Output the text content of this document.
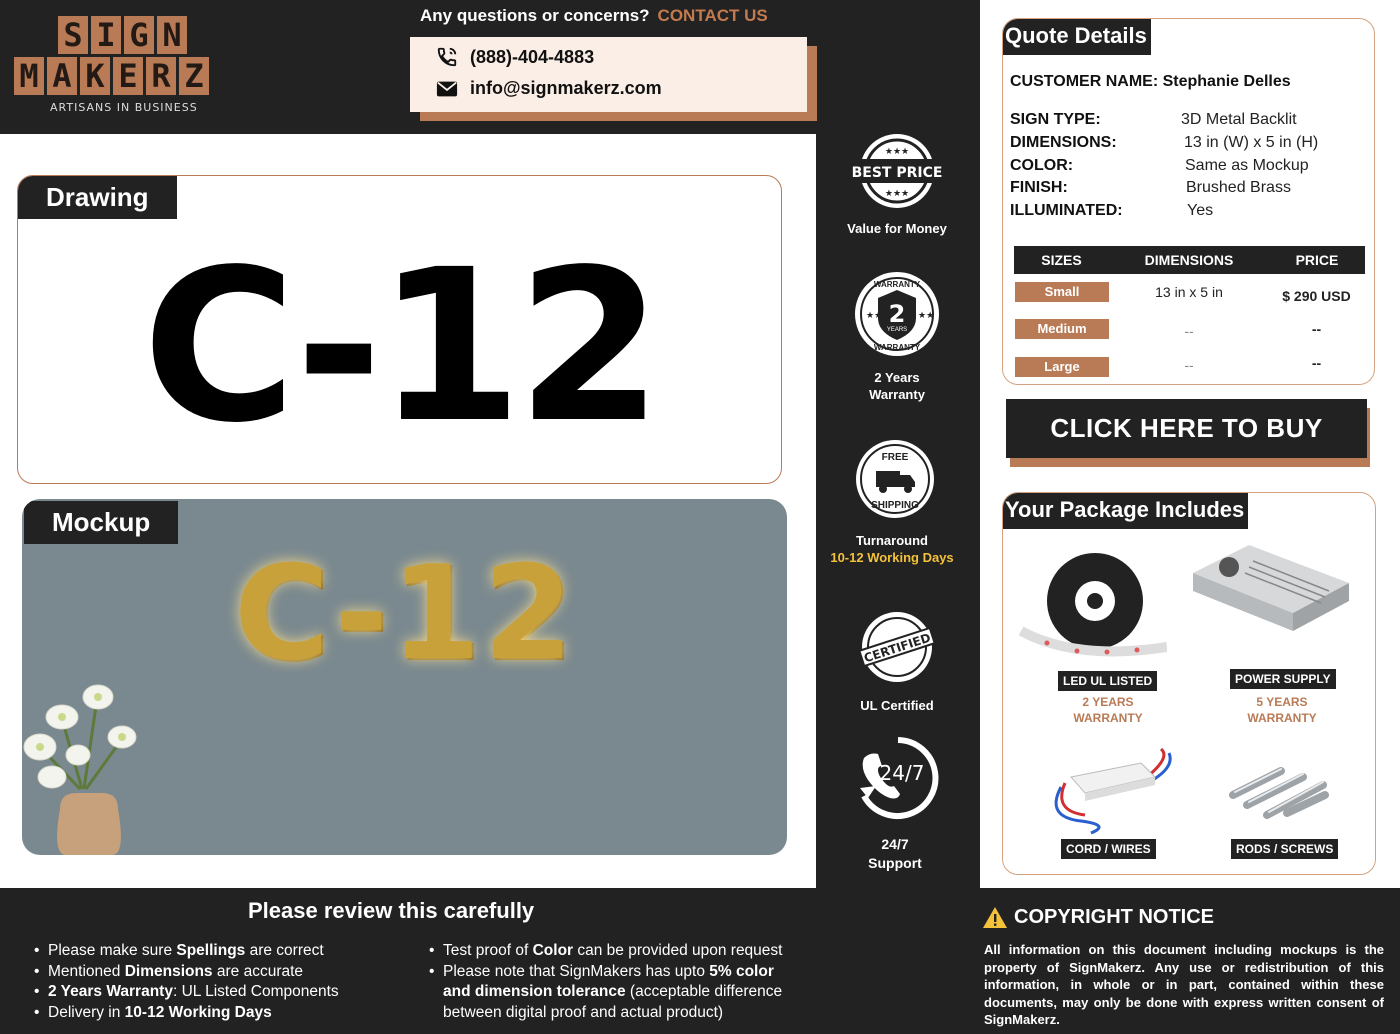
S I G N
M A K E R Z
ARTISANS IN BUSINESS
Any questions or concerns? CONTACT US
(888)-404-4883
info@signmakerz.com
Drawing
C-12
Mockup
C-12
BEST PRICE
★★★
★★★
Value for Money
2
YEARS
WARRANTY
WARRANTY
★★	★★
2 Years
Warranty
FREE
SHIPPING
Turnaround
10-12 Working Days
CERTIFIED
UL Certified
24/7
24/7
Support
Quote Details
CUSTOMER NAME: Stephanie Delles
SIGN TYPE:	3D Metal Backlit
DIMENSIONS:	13 in (W) x 5 in (H)
COLOR:	Same as Mockup
FINISH:	Brushed Brass
ILLUMINATED:	Yes
SIZES	DIMENSIONS	PRICE
Small	13 in x 5 in	$ 290 USD
Medium	--	--
Large	--	--
CLICK HERE TO BUY
Your Package Includes
LED UL LISTED
2 YEARS
WARRANTY
POWER SUPPLY
5 YEARS
WARRANTY
CORD / WIRES	RODS / SCREWS
Please review this carefully
• Please make sure Spellings are correct
• Mentioned Dimensions are accurate
• 2 Years Warranty: UL Listed Components
• Delivery in 10-12 Working Days
• Test proof of Color can be provided upon request
• Please note that SignMakers has upto 5% color
and dimension tolerance (acceptable difference
between digital proof and actual product)
COPYRIGHT NOTICE
All information on this document including mockups is the property of SignMakerz. Any use or redistribution of this information, in whole or in part, contained within these documents, may only be done with express written consent of SignMakerz.
